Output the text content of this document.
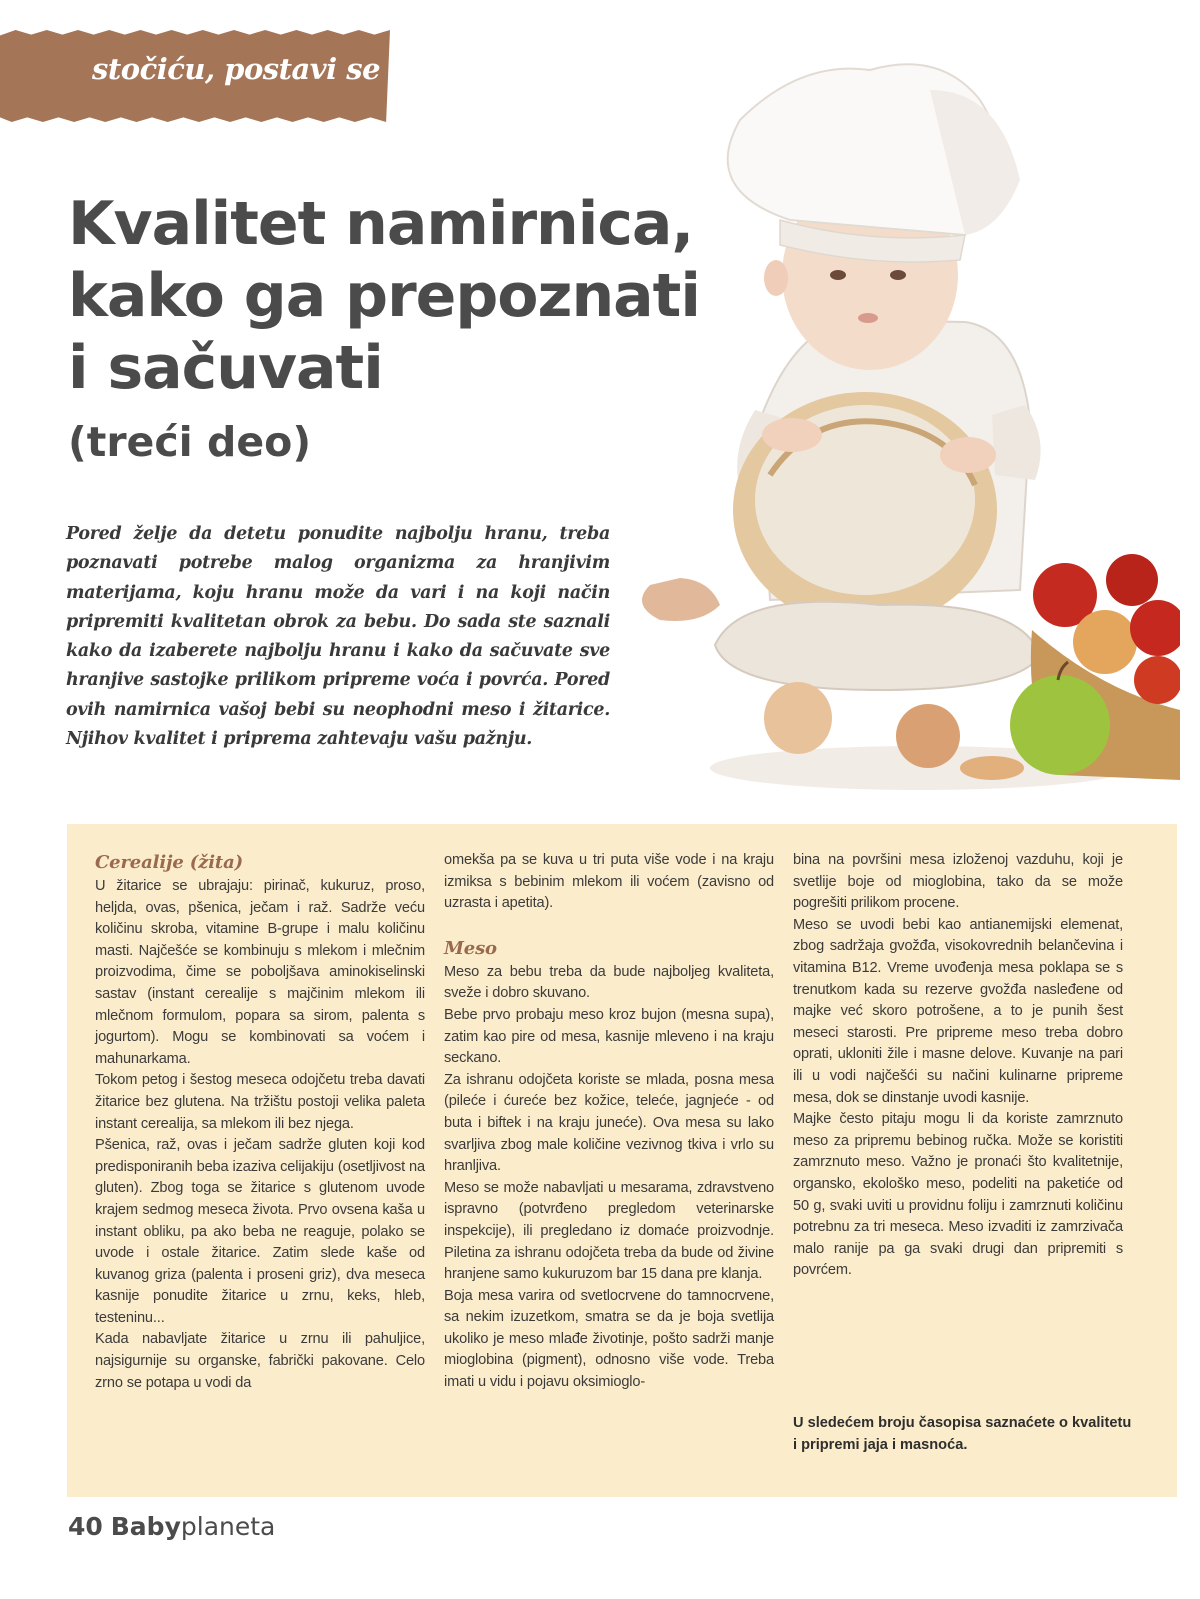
stočiću, postavi se

Kvalitet namirnica, kako ga prepoznati i sačuvati
(treći deo)

Pored želje da detetu ponudite najbolju hranu, treba poznavati potrebe malog organizma za hranjivim materijama, koju hranu može da vari i na koji način pripremiti kvalitetan obrok za bebu. Do sada ste saznali kako da izaberete najbolju hranu i kako da sačuvate sve hranjive sastojke prilikom pripreme voća i povrća. Pored ovih namirnica vašoj bebi su neophodni meso i žitarice. Njihov kvalitet i priprema zahtevaju vašu pažnju.

Cerealije (žita)

U žitarice se ubrajaju: pirinač, kukuruz, proso, heljda, ovas, pšenica, ječam i raž. Sadrže veću količinu skroba, vitamine B-grupe i malu količinu masti. Najčešće se kombinuju s mlekom i mlečnim proizvodima, čime se poboljšava aminokiselinski sastav (instant cerealije s majčinim mlekom ili mlečnom formulom, popara sa sirom, palenta s jogurtom). Mogu se kombinovati sa voćem i mahunarkama.

Tokom petog i šestog meseca odojčetu treba davati žitarice bez glutena. Na tržištu postoji velika paleta instant cerealija, sa mlekom ili bez njega.

Pšenica, raž, ovas i ječam sadrže gluten koji kod predisponiranih beba izaziva celijakiju (osetljivost na gluten). Zbog toga se žitarice s glutenom uvode krajem sedmog meseca života. Prvo ovsena kaša u instant obliku, pa ako beba ne reaguje, polako se uvode i ostale žitarice. Zatim slede kaše od kuvanog griza (palenta i proseni griz), dva meseca kasnije ponudite žitarice u zrnu, keks, hleb, testeninu...

Kada nabavljate žitarice u zrnu ili pahuljice, najsigurnije su organske, fabrički pakovane. Celo zrno se potapa u vodi da

omekša pa se kuva u tri puta više vode i na kraju izmiksa s bebinim mlekom ili voćem (zavisno od uzrasta i apetita).

Meso

Meso za bebu treba da bude najboljeg kvaliteta, sveže i dobro skuvano.

Bebe prvo probaju meso kroz bujon (mesna supa), zatim kao pire od mesa, kasnije mleveno i na kraju seckano.

Za ishranu odojčeta koriste se mlada, posna mesa (pileće i ćureće bez kožice, teleće, jagnjeće - od buta i biftek i na kraju juneće). Ova mesa su lako svarljiva zbog male količine vezivnog tkiva i vrlo su hranljiva.

Meso se može nabavljati u mesarama, zdravstveno ispravno (potvrđeno pregledom veterinarske inspekcije), ili pregledano iz domaće proizvodnje. Piletina za ishranu odojčeta treba da bude od živine hranjene samo kukuruzom bar 15 dana pre klanja.

Boja mesa varira od svetlocrvene do tamnocrvene, sa nekim izuzetkom, smatra se da je boja svetlija ukoliko je meso mlađe životinje, pošto sadrži manje mioglobina (pigment), odnosno više vode. Treba imati u vidu i pojavu oksimioglo-

bina na površini mesa izloženoj vazduhu, koji je svetlije boje od mioglobina, tako da se može pogrešiti prilikom procene.

Meso se uvodi bebi kao antianemijski elemenat, zbog sadržaja gvožđa, visokovrednih belančevina i vitamina B12. Vreme uvođenja mesa poklapa se s trenutkom kada su rezerve gvožđa nasleđene od majke već skoro potrošene, a to je punih šest meseci starosti. Pre pripreme meso treba dobro oprati, ukloniti žile i masne delove. Kuvanje na pari ili u vodi najčešći su načini kulinarne pripreme mesa, dok se dinstanje uvodi kasnije.

Majke često pitaju mogu li da koriste zamrznuto meso za pripremu bebinog ručka. Može se koristiti zamrznuto meso. Važno je pronaći što kvalitetnije, organsko, ekološko meso, podeliti na paketiće od 50 g, svaki uviti u providnu foliju i zamrznuti količinu potrebnu za tri meseca. Meso izvaditi iz zamrzivača malo ranije pa ga svaki drugi dan pripremiti s povrćem.

U sledećem broju časopisa saznaćete o kvalitetu i pripremi jaja i masnoća.

40 Babyplaneta
